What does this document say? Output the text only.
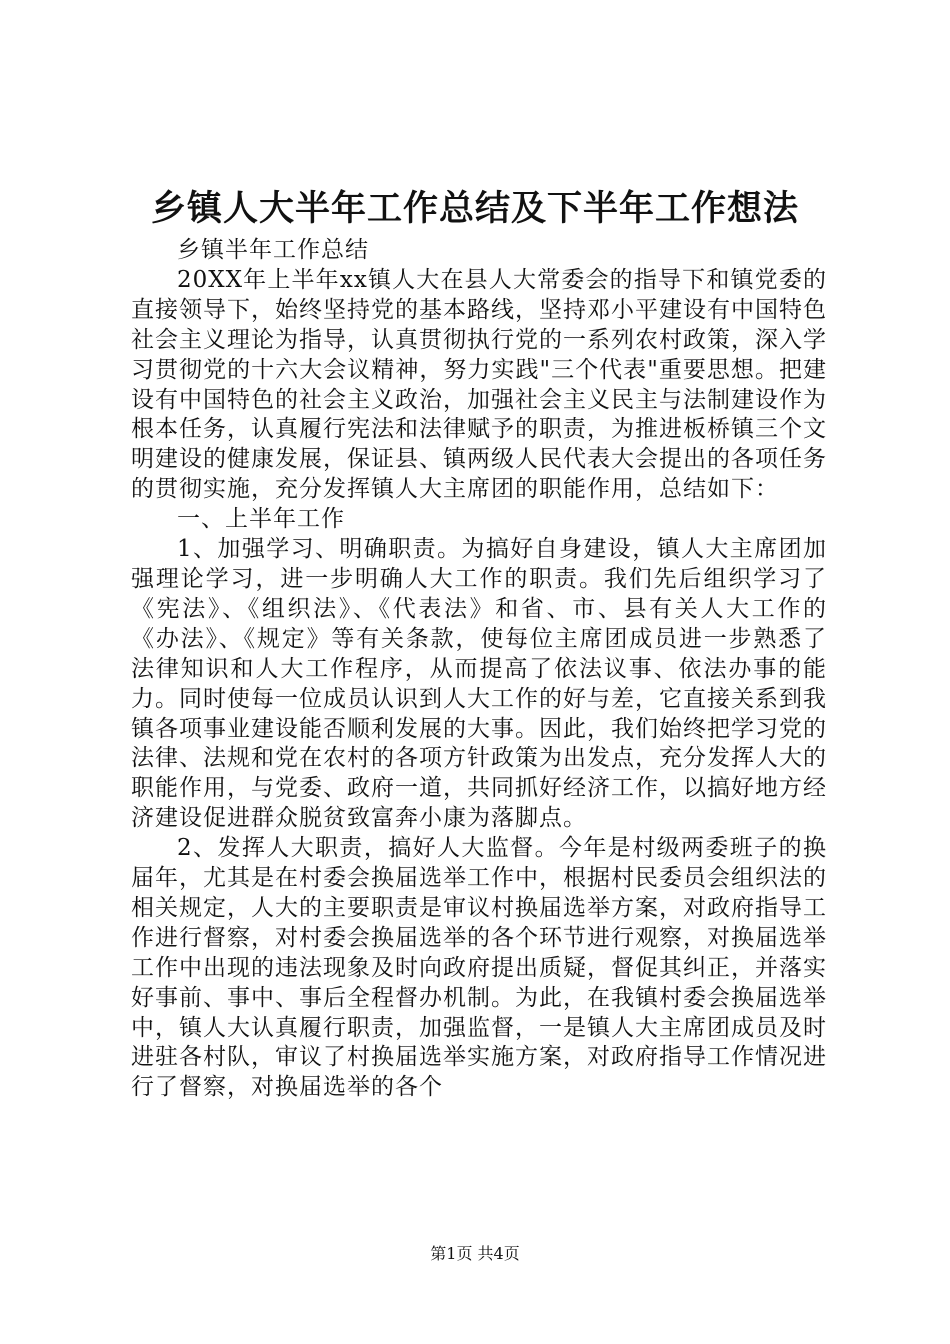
乡镇人大半年工作总结及下半年工作想法

乡镇半年工作总结

20XX年上半年xx镇人大在县人大常委会的指导下和镇党委的直接领导下，始终坚持党的基本路线，坚持邓小平建设有中国特色社会主义理论为指导，认真贯彻执行党的一系列农村政策，深入学习贯彻党的十六大会议精神，努力实践"三个代表"重要思想。把建设有中国特色的社会主义政治，加强社会主义民主与法制建设作为根本任务，认真履行宪法和法律赋予的职责，为推进板桥镇三个文明建设的健康发展，保证县、镇两级人民代表大会提出的各项任务的贯彻实施，充分发挥镇人大主席团的职能作用，总结如下：

一、上半年工作

1、加强学习、明确职责。为搞好自身建设，镇人大主席团加强理论学习，进一步明确人大工作的职责。我们先后组织学习了《宪法》、《组织法》、《代表法》和省、市、县有关人大工作的《办法》、《规定》等有关条款，使每位主席团成员进一步熟悉了法律知识和人大工作程序，从而提高了依法议事、依法办事的能力。同时使每一位成员认识到人大工作的好与差，它直接关系到我镇各项事业建设能否顺利发展的大事。因此，我们始终把学习党的法律、法规和党在农村的各项方针政策为出发点，充分发挥人大的职能作用，与党委、政府一道，共同抓好经济工作，以搞好地方经济建设促进群众脱贫致富奔小康为落脚点。

2、发挥人大职责，搞好人大监督。今年是村级两委班子的换届年，尤其是在村委会换届选举工作中，根据村民委员会组织法的相关规定，人大的主要职责是审议村换届选举方案，对政府指导工作进行督察，对村委会换届选举的各个环节进行观察，对换届选举工作中出现的违法现象及时向政府提出质疑，督促其纠正，并落实好事前、事中、事后全程督办机制。为此，在我镇村委会换届选举中，镇人大认真履行职责，加强监督，一是镇人大主席团成员及时进驻各村队，审议了村换届选举实施方案，对政府指导工作情况进行了督察，对换届选举的各个

第1页 共4页
